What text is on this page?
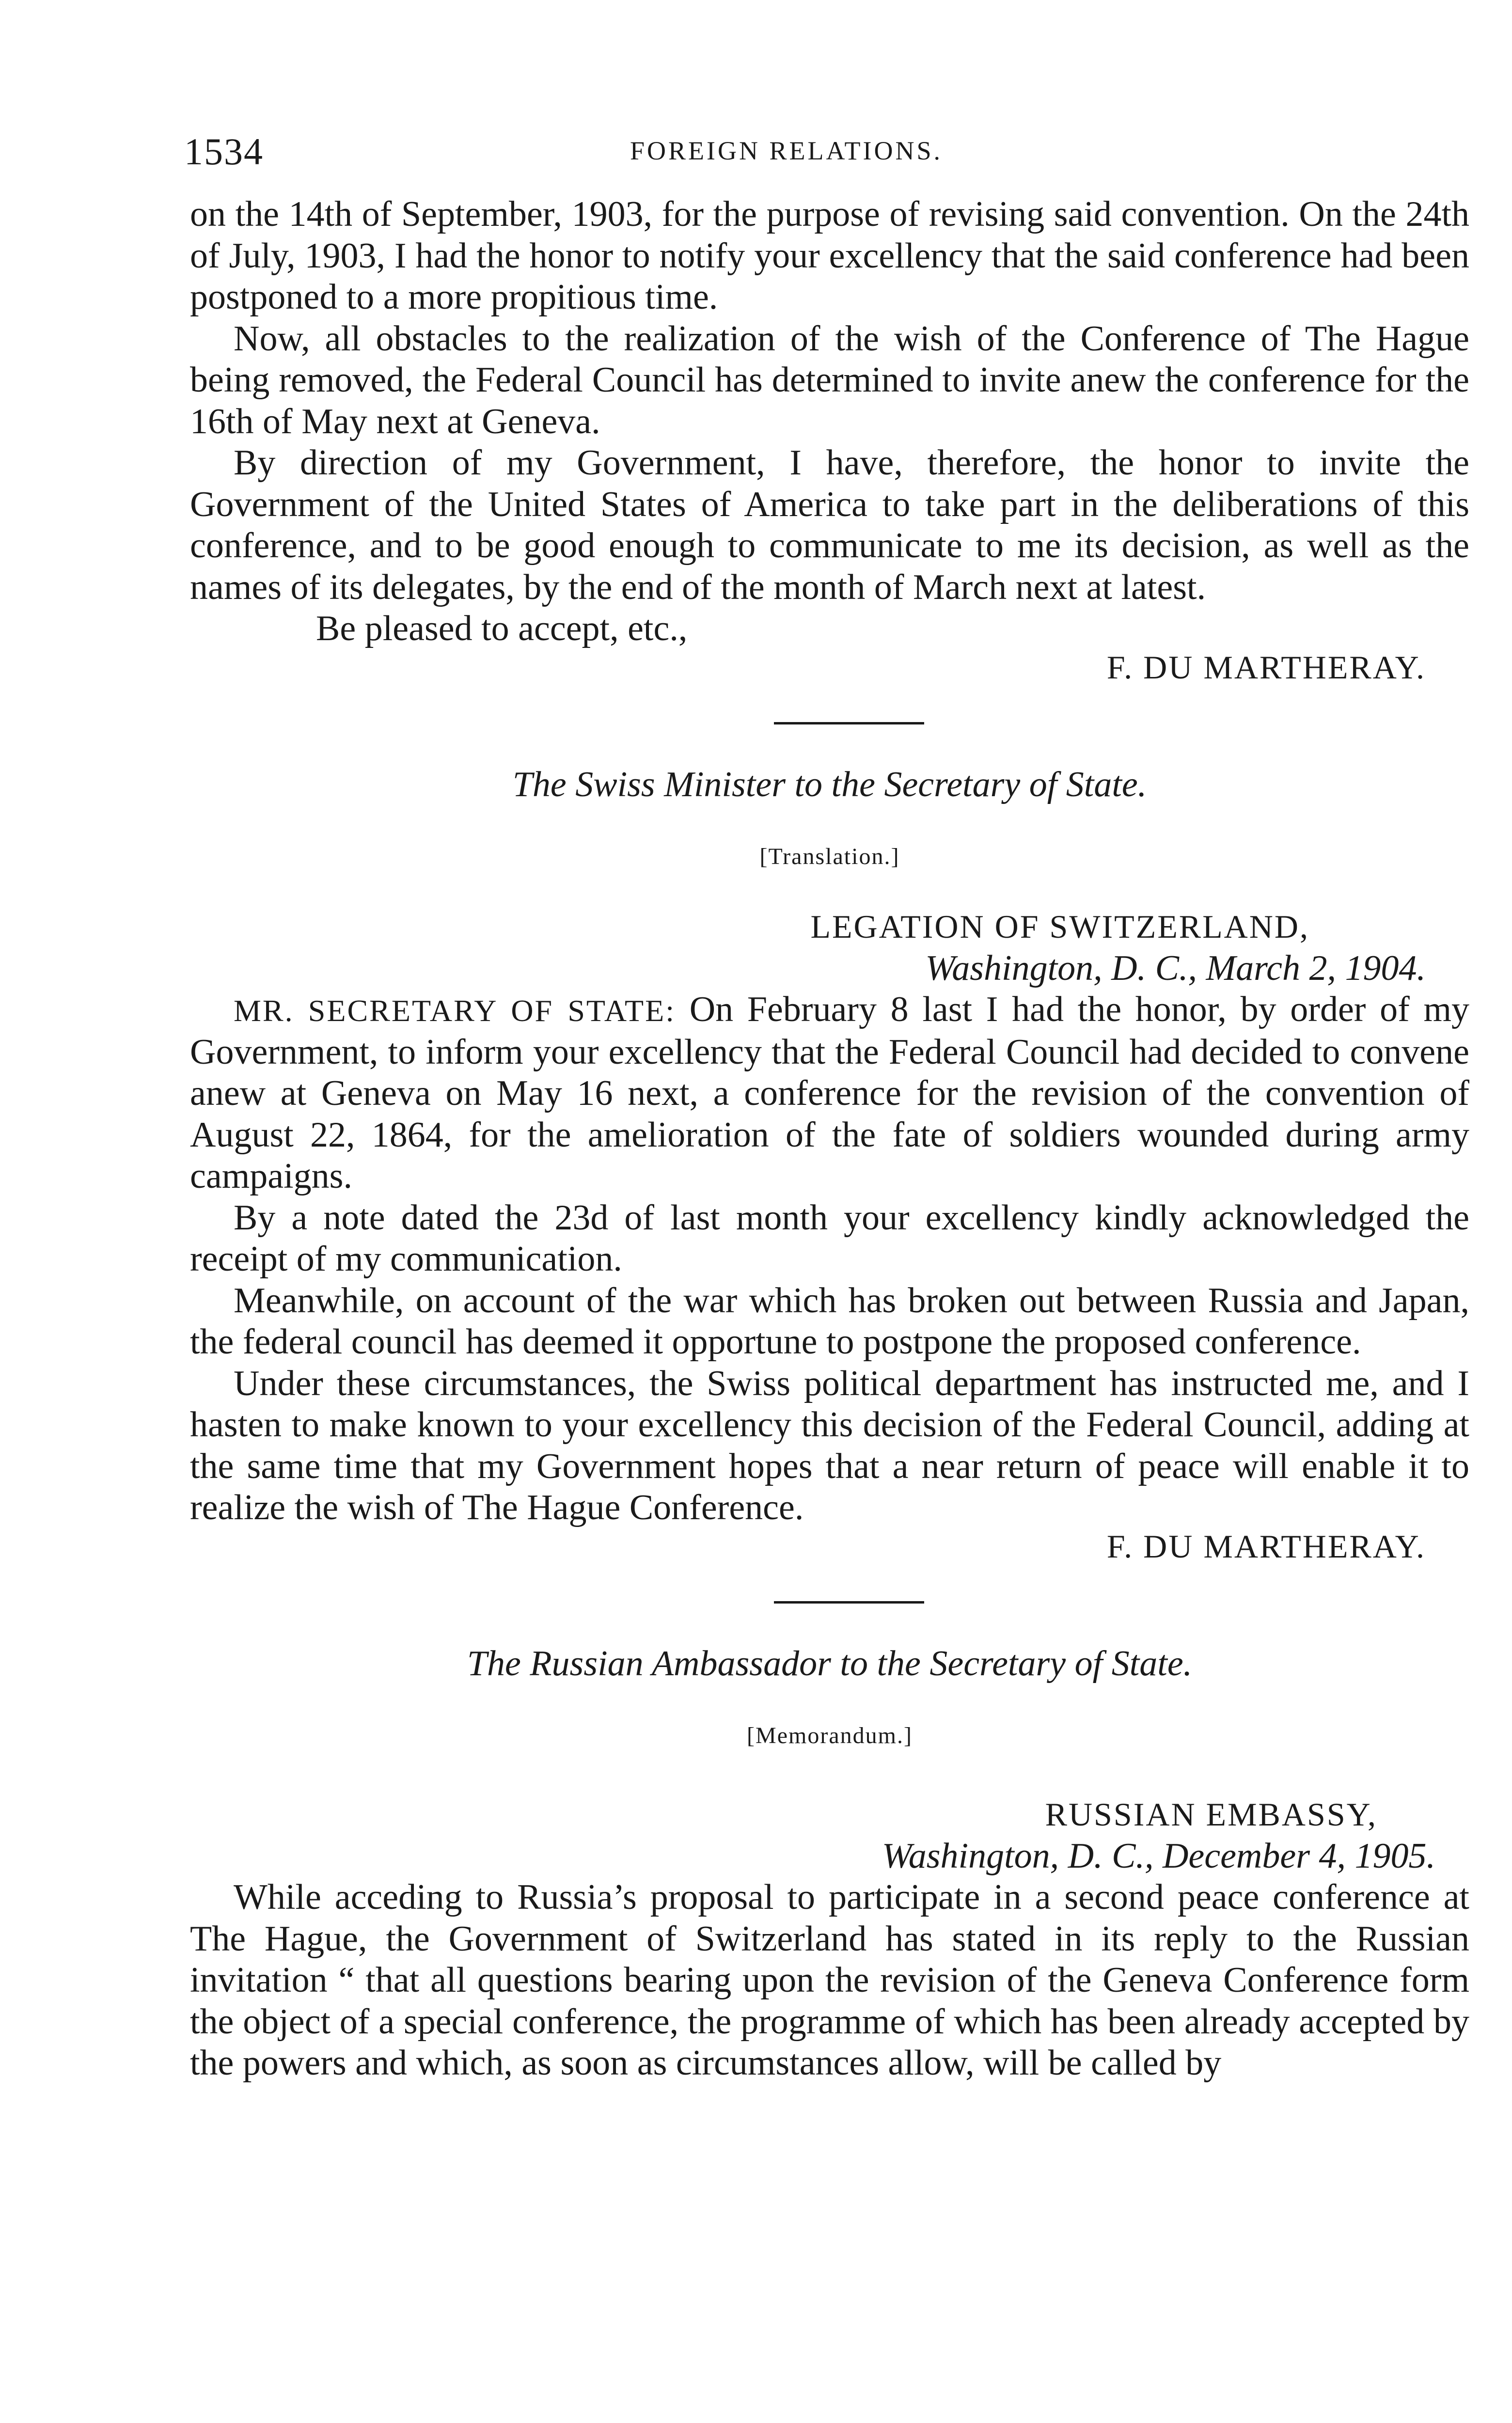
1534	FOREIGN RELATIONS.

on the 14th of September, 1903, for the purpose of revising said convention. On the 24th of July, 1903, I had the honor to notify your excellency that the said conference had been postponed to a more propitious time.

Now, all obstacles to the realization of the wish of the Conference of The Hague being removed, the Federal Council has determined to invite anew the conference for the 16th of May next at Geneva.

By direction of my Government, I have, therefore, the honor to invite the Government of the United States of America to take part in the deliberations of this conference, and to be good enough to communicate to me its decision, as well as the names of its delegates, by the end of the month of March next at latest.

Be pleased to accept, etc.,

F. DU MARTHERAY.

The Swiss Minister to the Secretary of State.

[Translation.]

LEGATION OF SWITZERLAND,

Washington, D. C., March 2, 1904.

MR. SECRETARY OF STATE: On February 8 last I had the honor, by order of my Government, to inform your excellency that the Federal Council had decided to convene anew at Geneva on May 16 next, a conference for the revision of the convention of August 22, 1864, for the amelioration of the fate of soldiers wounded during army campaigns.

By a note dated the 23d of last month your excellency kindly acknowledged the receipt of my communication.

Meanwhile, on account of the war which has broken out between Russia and Japan, the federal council has deemed it opportune to postpone the proposed conference.

Under these circumstances, the Swiss political department has instructed me, and I hasten to make known to your excellency this decision of the Federal Council, adding at the same time that my Government hopes that a near return of peace will enable it to realize the wish of The Hague Conference.

F. DU MARTHERAY.

The Russian Ambassador to the Secretary of State.

[Memorandum.]

RUSSIAN EMBASSY,

Washington, D. C., December 4, 1905.

While acceding to Russia’s proposal to participate in a second peace conference at The Hague, the Government of Switzerland has stated in its reply to the Russian invitation “ that all questions bearing upon the revision of the Geneva Conference form the object of a special conference, the programme of which has been already accepted by the powers and which, as soon as circumstances allow, will be called by
